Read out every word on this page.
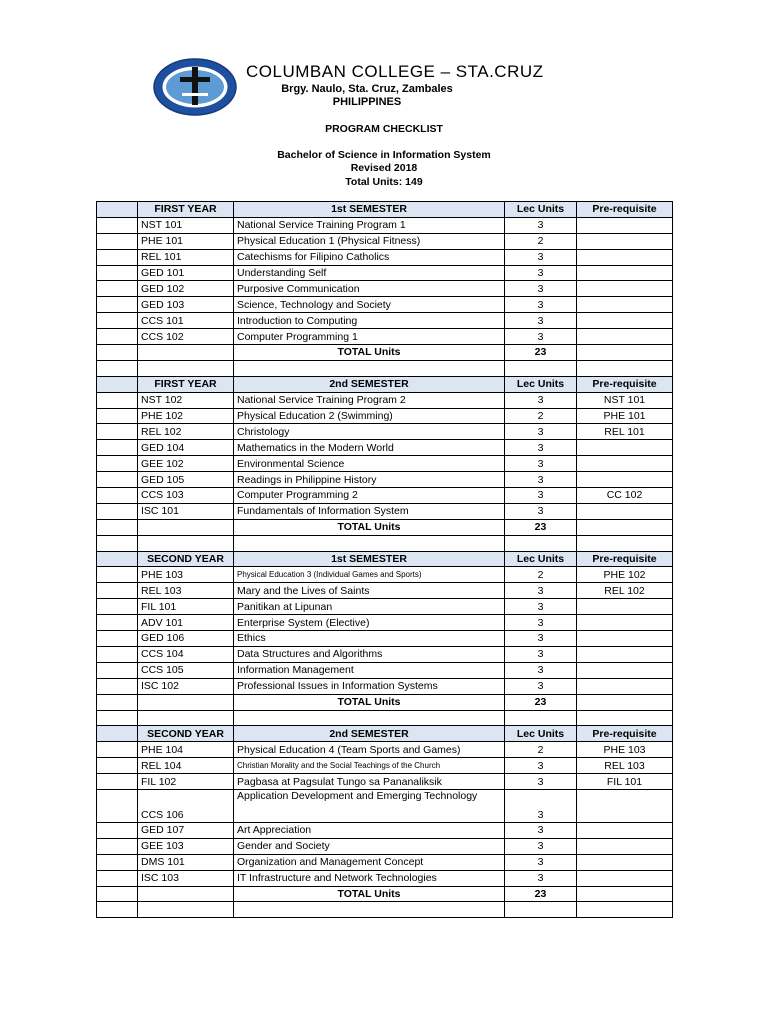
COLUMBAN COLLEGE – STA.CRUZ
Brgy. Naulo, Sta. Cruz, Zambales
PHILIPPINES
PROGRAM CHECKLIST
Bachelor of Science in Information System
Revised 2018
Total Units: 149
	FIRST YEAR	1st SEMESTER	Lec Units	Pre-requisite
	NST 101	National Service Training Program 1	3	
	PHE 101	Physical Education 1 (Physical Fitness)	2	
	REL 101	Catechisms for Filipino Catholics	3	
	GED 101	Understanding Self	3	
	GED 102	Purposive Communication	3	
	GED 103	Science, Technology and Society	3	
	CCS 101	Introduction to Computing	3	
	CCS 102	Computer Programming 1	3	
		TOTAL Units	23	

	FIRST YEAR	2nd SEMESTER	Lec Units	Pre-requisite
	NST 102	National Service Training Program 2	3	NST 101
	PHE 102	Physical Education 2 (Swimming)	2	PHE 101
	REL 102	Christology	3	REL 101
	GED 104	Mathematics in the Modern World	3	
	GEE 102	Environmental Science	3	
	GED 105	Readings in Philippine History	3	
	CCS 103	Computer Programming 2	3	CC 102
	ISC 101	Fundamentals of Information System	3	
		TOTAL Units	23	

	SECOND YEAR	1st SEMESTER	Lec Units	Pre-requisite
	PHE 103	Physical Education 3 (Individual Games and Sports)	2	PHE 102
	REL 103	Mary and the Lives of Saints	3	REL 102
	FIL 101	Panitikan at Lipunan	3	
	ADV 101	Enterprise System (Elective)	3	
	GED 106	Ethics	3	
	CCS 104	Data Structures and Algorithms	3	
	CCS 105	Information Management	3	
	ISC 102	Professional Issues in Information Systems	3	
		TOTAL Units	23	

	SECOND YEAR	2nd SEMESTER	Lec Units	Pre-requisite
	PHE 104	Physical Education 4 (Team Sports and Games)	2	PHE 103
	REL 104	Christian Morality and the Social Teachings of the Church	3	REL 103
	FIL 102	Pagbasa at Pagsulat Tungo sa Pananaliksik	3	FIL 101
	CCS 106	Application Development and Emerging Technology	3	
	GED 107	Art Appreciation	3	
	GEE 103	Gender and Society	3	
	DMS 101	Organization and Management Concept	3	
	ISC 103	IT Infrastructure and Network Technologies	3	
		TOTAL Units	23	
